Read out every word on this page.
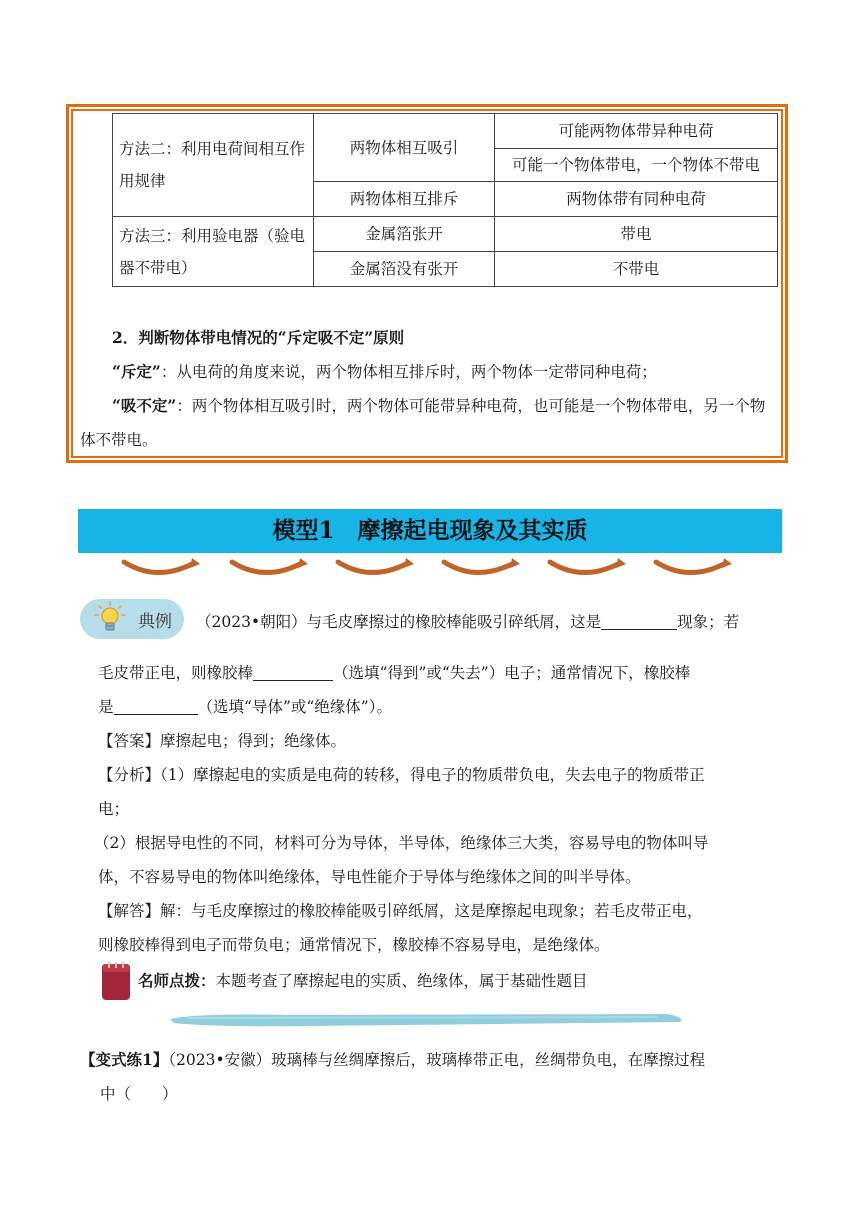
方法二：利用电荷间相互作用规律	两物体相互吸引	可能两物体带异种电荷
		可能一个物体带电，一个物体不带电
	两物体相互排斥	两物体带有同种电荷
方法三：利用验电器（验电器不带电）	金属箔张开	带电
	金属箔没有张开	不带电
2．判断物体带电情况的“斥定吸不定”原则
“斥定”：从电荷的角度来说，两个物体相互排斥时，两个物体一定带同种电荷；
“吸不定”：两个物体相互吸引时，两个物体可能带异种电荷，也可能是一个物体带电，另一个物体不带电。
模型1　摩擦起电现象及其实质
典例 （2023•朝阳）与毛皮摩擦过的橡胶棒能吸引碎纸屑，这是	现象；若
毛皮带正电，则橡胶棒	（选填“得到”或“失去”）电子；通常情况下，橡胶棒
是	（选填“导体”或“绝缘体”）。
【答案】摩擦起电；得到；绝缘体。
【分析】（1）摩擦起电的实质是电荷的转移，得电子的物质带负电，失去电子的物质带正
电；
（2）根据导电性的不同，材料可分为导体，半导体，绝缘体三大类，容易导电的物体叫导
体，不容易导电的物体叫绝缘体，导电性能介于导体与绝缘体之间的叫半导体。
【解答】解：与毛皮摩擦过的橡胶棒能吸引碎纸屑，这是摩擦起电现象；若毛皮带正电，
则橡胶棒得到电子而带负电；通常情况下，橡胶棒不容易导电，是绝缘体。
名师点拨：本题考查了摩擦起电的实质、绝缘体，属于基础性题目
【变式练1】（2023•安徽）玻璃棒与丝绸摩擦后，玻璃棒带正电，丝绸带负电，在摩擦过程
中（　　）
